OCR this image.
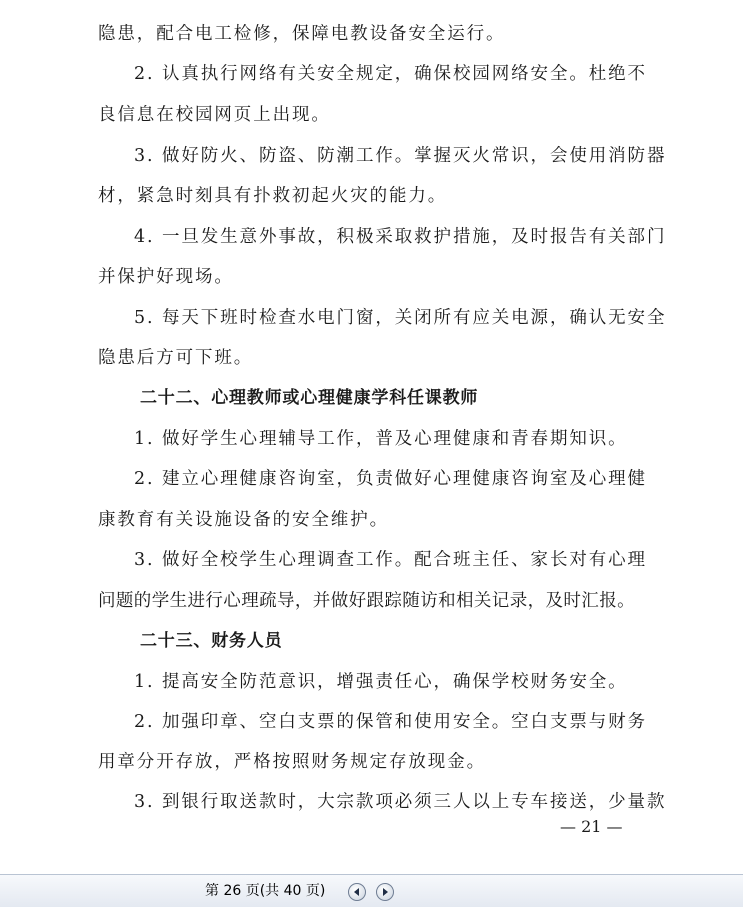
隐患，配合电工检修，保障电教设备安全运行。
2. 认真执行网络有关安全规定，确保校园网络安全。杜绝不
良信息在校园网页上出现。
3. 做好防火、防盗、防潮工作。掌握灭火常识，会使用消防器
材，紧急时刻具有扑救初起火灾的能力。
4. 一旦发生意外事故，积极采取救护措施，及时报告有关部门
并保护好现场。
5. 每天下班时检查水电门窗，关闭所有应关电源，确认无安全
隐患后方可下班。
二十二、心理教师或心理健康学科任课教师
1. 做好学生心理辅导工作，普及心理健康和青春期知识。
2. 建立心理健康咨询室，负责做好心理健康咨询室及心理健
康教育有关设施设备的安全维护。
3. 做好全校学生心理调查工作。配合班主任、家长对有心理
问题的学生进行心理疏导，并做好跟踪随访和相关记录，及时汇报。
二十三、财务人员
1. 提高安全防范意识，增强责任心，确保学校财务安全。
2. 加强印章、空白支票的保管和使用安全。空白支票与财务
用章分开存放，严格按照财务规定存放现金。
3. 到银行取送款时，大宗款项必须三人以上专车接送，少量款
— 21 —
第 26 页(共 40 页)
